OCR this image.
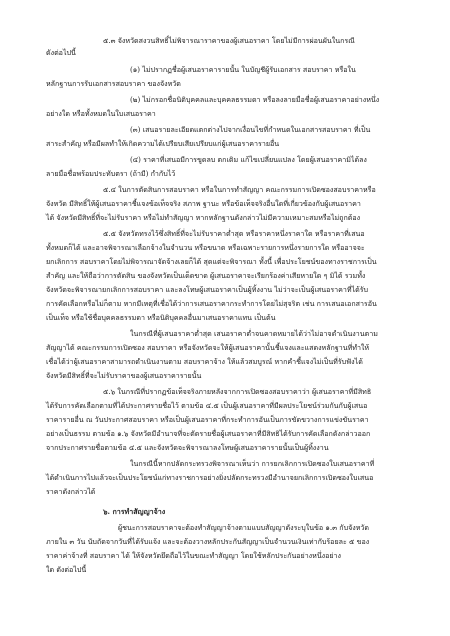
๕.๓ จังหวัดสงวนสิทธิ์ไม่พิจารณาราคาของผู้เสนอราคา โดยไม่มีการผ่อนผันในกรณี
ดังต่อไปนี้
(๑) ไม่ปรากฏชื่อผู้เสนอราคารายนั้น ในบัญชีผู้รับเอกสาร สอบราคา หรือใน
หลักฐานการรับเอกสารสอบราคา ของจังหวัด
(๒) ไม่กรอกชื่อนิติบุคคลและบุคคลธรรมดา หรือลงลายมือชื่อผู้เสนอราคาอย่างหนึ่ง
อย่างใด หรือทั้งหมดในใบเสนอราคา
(๓) เสนอรายละเอียดแตกต่างไปจากเงื่อนไขที่กำหนดในเอกสารสอบราคา ที่เป็น
สาระสำคัญ หรือมีผลทำให้เกิดความได้เปรียบเสียเปรียบแก่ผู้เสนอราคารายอื่น
(๔) ราคาที่เสนอมีการขูดลบ ตกเติม แก้ไขเปลี่ยนแปลง โดยผู้เสนอราคามิได้ลง
ลายมือชื่อพร้อมประทับตรา (ถ้ามี) กำกับไว้
๕.๔ ในการตัดสินการสอบราคา หรือในการทำสัญญา คณะกรรมการเปิดซองสอบราคาหรือ
จังหวัด มีสิทธิ์ให้ผู้เสนอราคาชี้แจงข้อเท็จจริง สภาพ ฐานะ หรือข้อเท็จจริงอื่นใดที่เกี่ยวข้องกับผู้เสนอราคา
ได้ จังหวัดมีสิทธิ์ที่จะไม่รับราคา หรือไม่ทำสัญญา หากหลักฐานดังกล่าวไม่มีความเหมาะสมหรือไม่ถูกต้อง
๕.๕ จังหวัดทรงไว้ซึ่งสิทธิ์ที่จะไม่รับราคาต่ำสุด หรือราคาหนึ่งราคาใด หรือราคาที่เสนอ
ทั้งหมดก็ได้ และอาจพิจารณาเลือกจ้างในจำนวน หรือขนาด หรือเฉพาะรายการหนึ่งรายการใด หรืออาจจะ
ยกเลิกการ สอบราคาโดยไม่พิจารณาจัดจ้างเลยก็ได้ สุดแต่จะพิจารณา ทั้งนี้ เพื่อประโยชน์ของทางราชการเป็น
สำคัญ และให้ถือว่าการตัดสิน ของจังหวัดเป็นเด็ดขาด ผู้เสนอราคาจะเรียกร้องค่าเสียหายใด ๆ มิได้ รวมทั้ง
จังหวัดจะพิจารณายกเลิกการสอบราคา และลงโทษผู้เสนอราคาเป็นผู้ทิ้งงาน ไม่ว่าจะเป็นผู้เสนอราคาที่ได้รับ
การคัดเลือกหรือไม่ก็ตาม หากมีเหตุที่เชื่อได้ว่าการเสนอราคากระทำการโดยไม่สุจริต เช่น การเสนอเอกสารอัน
เป็นเท็จ หรือใช้ชื่อบุคคลธรรมดา หรือนิติบุคคลอื่นมาเสนอราคาแทน เป็นต้น
ในกรณีที่ผู้เสนอราคาต่ำสุด เสนอราคาต่ำจนคาดหมายได้ว่าไม่อาจดำเนินงานตาม
สัญญาได้ คณะกรรมการเปิดซอง สอบราคา หรือจังหวัดจะให้ผู้เสนอราคานั้นชี้แจงและแสดงหลักฐานที่ทำให้
เชื่อได้ว่าผู้เสนอราคาสามารถดำเนินงานตาม สอบราคาจ้าง ให้แล้วสมบูรณ์ หากคำชี้แจงไม่เป็นที่รับฟังได้
จังหวัดมีสิทธิ์ที่จะไม่รับราคาของผู้เสนอราคารายนั้น
๕.๖ ในกรณีที่ปรากฏข้อเท็จจริงภายหลังจากการเปิดซองสอบราคาว่า ผู้เสนอราคาที่มีสิทธิ
ได้รับการคัดเลือกตามที่ได้ประกาศรายชื่อไว้ ตามข้อ ๔.๕ เป็นผู้เสนอราคาที่มีผลประโยชน์ร่วมกันกับผู้เสนอ
ราคารายอื่น ณ วันประกาศสอบราคา หรือเป็นผู้เสนอราคาที่กระทำการอันเป็นการขัดขวางการแข่งขันราคา
อย่างเป็นธรรม ตามข้อ ๑.๖ จังหวัดมีอำนาจที่จะตัดรายชื่อผู้เสนอราคาที่มีสิทธิได้รับการคัดเลือกดังกล่าวออก
จากประกาศรายชื่อตามข้อ ๔.๕ และจังหวัดจะพิจารณาลงโทษผู้เสนอราคารายนั้นเป็นผู้ทิ้งงาน
ในกรณีนี้หากปลัดกระทรวงพิจารณาเห็นว่า การยกเลิกการเปิดซองใบเสนอราคาที่
ได้ดำเนินการไปแล้วจะเป็นประโยชน์แก่ทางราชการอย่างยิ่งปลัดกระทรวงมีอำนาจยกเลิกการเปิดซองใบเสนอ
ราคาดังกล่าวได้
๖. การทำสัญญาจ้าง
ผู้ชนะการสอบราคาจะต้องทำสัญญาจ้างตามแบบสัญญาดังระบุในข้อ ๑.๓ กับจังหวัด
ภายใน ๓ วัน นับถัดจากวันที่ได้รับแจ้ง และจะต้องวางหลักประกันสัญญาเป็นจำนวนเงินเท่ากับร้อยละ ๕ ของ
ราคาค่าจ้างที่ สอบราคา ได้ ให้จังหวัดยึดถือไว้ในขณะทำสัญญา โดยใช้หลักประกันอย่างหนึ่งอย่าง
ใด ดังต่อไปนี้
